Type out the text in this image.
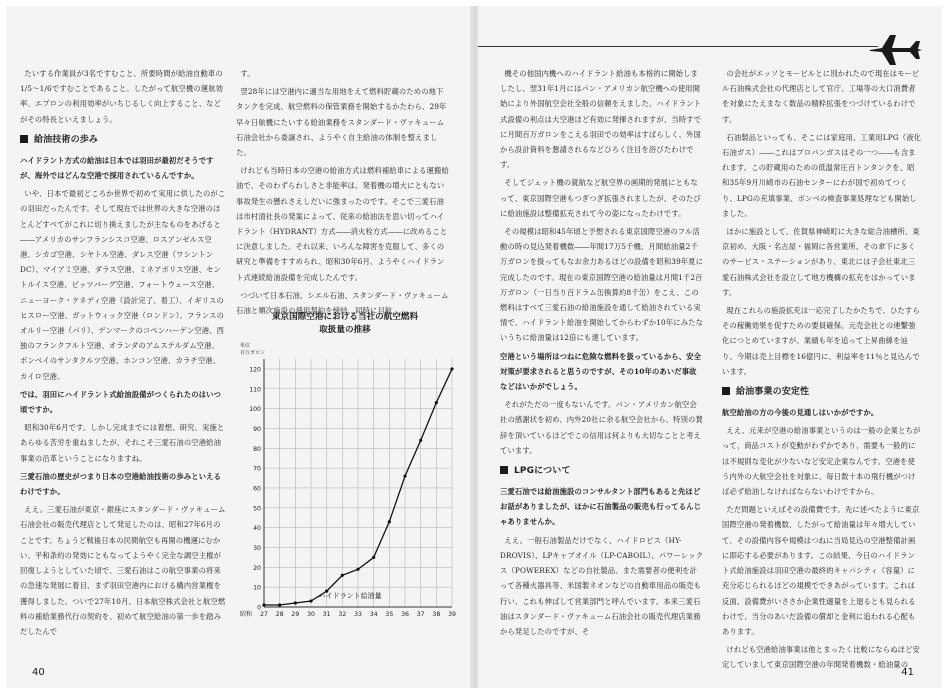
たいする作業員が3名ですむこと、所要時間が給油自動車の1/5〜1/6ですむことであること。したがって航空機の運航効率、エプロンの利用効率がいちじるしく向上すること、などがその特長といえましょう。

給油技術の歩み

ハイドラント方式の給油は日本では羽田が最初だそうですが、海外ではどんな空港で採用されているんですか。

いや、日本で最初どころか世界で初めて実用に供したのがこの羽田だったんです。そして現在では世界の大きな空港のほとんどすべてがこれに切り換えましたが主なものをあげると――アメリカのサンフランシスコ空港、ロスアンゼルス空港、シカゴ空港、シヤトル空港、ダレス空港（ワシントンDC）、マイアミ空港、ダラス空港、ミネアポリス空港、セントルイス空港、ピッツバーグ空港、フォートウェース空港、ニューヨーク・ケネディ空港（設計完了、着工）、イギリスのヒスロー空港、ガットウィック空港（ロンドン）、フランスのオルリー空港（パリ）、デンマークのコペンハーゲン空港、西独のフランクフルト空港、オランダのアムステルダム空港、ボンベイのサンタクルツ空港、ホンコン空港、カラチ空港、カイロ空港。

では、羽田にハイドラント式給油設備がつくられたのはいつ頃ですか。

昭和30年6月です。しかし完成までには着想、研究、実施とあらゆる苦労を重ねましたが、それこそ三愛石油の空港給油事業の沿革ということになりますね。

三愛石油の歴史がつまり日本の空港給油技術の歩みといえるわけですか。

ええ。三愛石油が東京・銀座にスタンダード・ヴァキューム石油会社の販売代理店として発足したのは、昭和27年6月のことです。ちょうど戦後日本の民間航空も再開の機運にむかい、平和条約の発効にともなってようやく完全な調空主権が回復しようとしていた頃で、三愛石油はこの航空事業の将来の急速な発展に着目、まず羽田空港内における構内営業権を獲得しました。ついで27年10月、日本航空株式会社と航空燃料の補給業務代行の契約を、初めて航空給油の第一歩を踏みだしたんで

す。

翌28年には空港内に適当な用地をえて燃料貯蔵のための地下タンクを完成、航空燃料の保管業務を開始するかたわら、29年早々日航機にたいする給油業務をスタンダード・ヴァキューム石油会社から委譲され、ようやく自主給油の体制を整えました。

けれども当時日本の空港の給油方式は燃料補給車による運搬給油で、そのわずらわしさと非能率は、発着機の増大にともない事故発生の懸れさえしだいに強まったのです。そこで三愛石油は市村清社長の発案によって、従来の給油法を思い切ってハイドラント（HYDRANT）方式――消火栓方式――に改めることに決意しました。それ以来、いろんな障害を克服して、多くの研究と準備をすすめられ、昭和30年6月、ようやくハイドラント式連続給油設備を完成したんです。

つづいて日本石油、シエル石油、スタンダード・ヴァキューム石油と順次施設の使用契約を締結、同時に目航

東京国際空港における当社の航空燃料取扱量の推移
0
10
20
30
40
50
60
70
80
90
100
110
120
27 28 29 30 31 32 33 34 35 36 37 38 39
昭和
単位
百万ガロン
ハイドラント給油量
40

機その他国内機へのハイドラント給油も本格的に開始しましたし、翌31年1月にはパン・アメリカン航空機への使用開始により外国航空会社全般の信頼をえました。ハイドラント式設備の利点は大空港ほど有効に発揮されますが、当時すでに月間百万ガロンをこえる羽田での効率はすばらしく、外国から設計資料を懇請されるなどひろく注目を浴びたわけです。

そしてジェット機の就航など航空界の画期的発展にともなって、東京国際空港もつぎつぎ拡張されましたが、そのたびに給油施設は整備拡充されて今の姿になったわけです。

その規模は昭和45年頃と予想される東京国際空港のフル活動の時の見込発着機数――年間17万5千機、月間給油量2千万ガロンを扱ってもなお余力あるほどの設備を昭和39年夏に完成したのです。現在の東京国際空港の給油量は月間1千2百万ガロン（一日当り百ドラム缶換算約8千缶）をこえ、この燃料はすべて三愛石油の給油施設を通して給油されている実情で、ハイドラント給油を開始してからわずか10年にみたないうちに給油量は12倍にも達しています。

空港という場所はつねに危険な燃料を扱っているから、安全対策が要求されると思うのですが、その10年のあいだ事故などはいかがでしょう。

それがただの一度もないんです。パン・アメリカン航空会社の感謝状を初め、内外20社に余る航空会社から、特別の賛辞を頂いているほどでこの信用は何よりも大切なことと考えています。

LPGについて

三愛石油では給油施設のコンサルタント部門もあると先ほどお話がありましたが、ほかに石油製品の販売も行ってるんじゃありませんか。

ええ。一般石油製品だけでなく、ハイドロビス（HY-DROVIS）、LPキャブオイル（LP-CABOIL）、パワーレックス（POWEREX）などの自社製品、また需要者の便利を計って各種火器具等、米国製ネオンなどの自動車用品の販売も行い、これも伸ばして営業部門と呼んでいます。本来三愛石油はスタンダード・ヴァキューム石油会社の販売代理店業務から発足したのですが、そ

の会社がエッソとモービルとに別かれたので現在はモービル石油株式会社の代理店として官庁、工場等の大口消費者を対象にたえまなく数品の精粋拡張をつづけているわけです。

石油製品といっても、そこには家庭用、工業用LPG（液化石油ガス）――これはプロパンガスはその一つ――も含まれます。この貯蔵用のための低温常圧百トンタンクを、昭和35年9月川崎市の石油センターにわが国で初めてつくり、LPGの充填事業、ボンベの検査事業処理なども開始しました。

ほかに施設として、佐賀県神崎町に大きな総合油槽所、東京初め、大阪・名古屋・福岡に各営業所、その傘下に多くのサービス・ステーションがあり、東北には子会社東北三愛石油株式会社を設立して地方機構の拡充をはかっています。

現在これらの施設拡充は一応完了したかたちで、ひたすらその稼働効果を促すための要員確保、元売会社との連繫強化につとめていますが、業績も年を追って上昇曲線を辿り、今期は売上目標を16億円に、利益率を11％と見込んでいます。

給油事業の安定性

航空給油の方の今後の見通しはいかがですか。

ええ、元来が空港の給油事業というのは一般の企業とちがって、商品コストが変動がわずかであり、需要も一般的には不規則な変化が少ないなど安定企業なんです。空港を使う内外の大航空会社を対象に、毎日数十本の飛行機がつけば必ず給油しなければならないわけですから。

ただ問題といえばその設備費です。先に述べたように東京国際空港の発着機数、したがって給油量は年々増大していて、その設備内容や規模はつねに当局見込の空港整備計画に即応する必要があります。この結果、今日のハイドラント式給油施設は羽田空港の最終的キャパシティ（容量）に充分応じられるほどの規模でできあがっています。これは反面、設備費がいささか企業性適量を上廻るとも見られるわけで、当分のあいだ設備の償却と金利に追われる心配もあります。

けれども空港給油事業は他とまったく比較にならぬほど安定していまして東京国際空港の年間発着機数・給油量の

41
